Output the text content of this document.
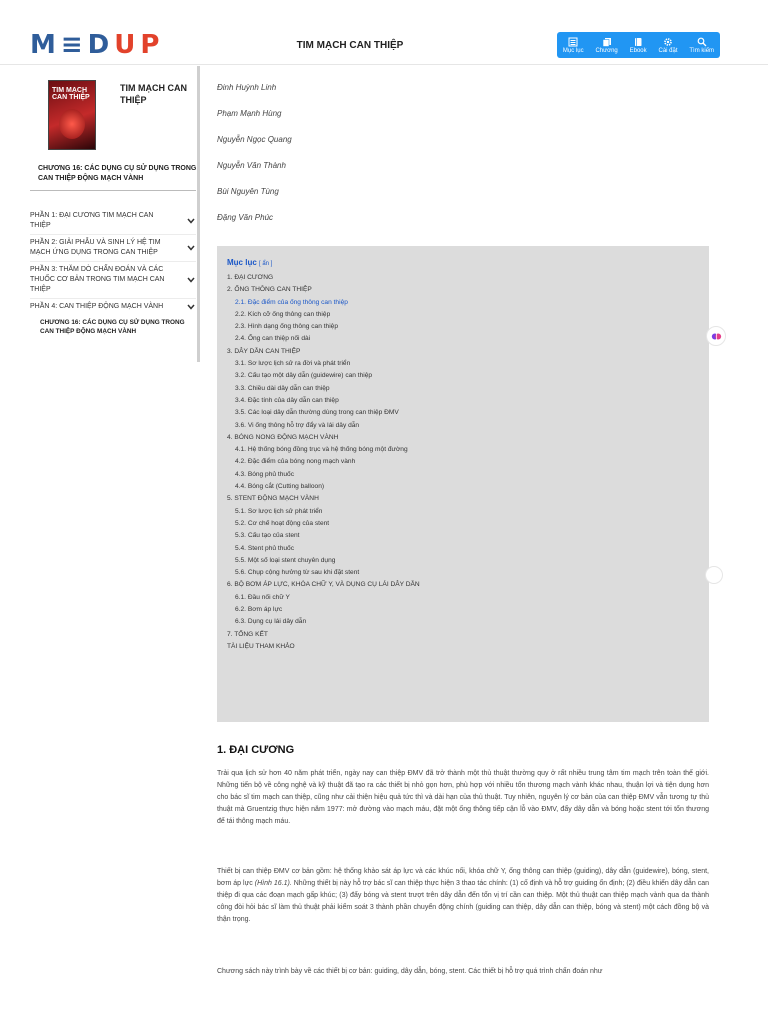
M≡DUP	TIM MẠCH CAN THIỆP	Mục lục Chương Ebook Cài đặt Tìm kiếm
TIM MẠCH CAN THIỆP
TIM MẠCH CAN THIỆP
CHƯƠNG 16: CÁC DỤNG CỤ SỬ DỤNG TRONG CAN THIỆP ĐỘNG MẠCH VÀNH
PHẦN 1: ĐẠI CƯƠNG TIM MẠCH CAN THIỆP
PHẦN 2: GIẢI PHẪU VÀ SINH LÝ HỆ TIM MẠCH ỨNG DỤNG TRONG CAN THIỆP
PHẦN 3: THĂM DÒ CHẨN ĐOÁN VÀ CÁC THUỐC CƠ BẢN TRONG TIM MẠCH CAN THIỆP
PHẦN 4: CAN THIỆP ĐỘNG MẠCH VÀNH
CHƯƠNG 16: CÁC DỤNG CỤ SỬ DỤNG TRONG CAN THIỆP ĐỘNG MẠCH VÀNH
Đinh Huỳnh Linh
Phạm Mạnh Hùng
Nguyễn Ngọc Quang
Nguyễn Văn Thành
Bùi Nguyên Tùng
Đặng Văn Phúc
Mục lục [ ẩn ]
1. ĐẠI CƯƠNG
2. ỐNG THÔNG CAN THIỆP
2.1. Đặc điểm của ống thông can thiệp
2.2. Kích cỡ ống thông can thiệp
2.3. Hình dạng ống thông can thiệp
2.4. Ống can thiệp nối dài
3. DÂY DẪN CAN THIỆP
3.1. Sơ lược lịch sử ra đời và phát triển
3.2. Cấu tạo một dây dẫn (guidewire) can thiệp
3.3. Chiều dài dây dẫn can thiệp
3.4. Đặc tính của dây dẫn can thiệp
3.5. Các loại dây dẫn thường dùng trong can thiệp ĐMV
3.6. Vi ống thông hỗ trợ đẩy và lái dây dẫn
4. BÓNG NONG ĐỘNG MẠCH VÀNH
4.1. Hệ thống bóng đồng trục và hệ thống bóng một đường
4.2. Đặc điểm của bóng nong mạch vành
4.3. Bóng phủ thuốc
4.4. Bóng cắt (Cutting balloon)
5. STENT ĐỘNG MẠCH VÀNH
5.1. Sơ lược lịch sử phát triển
5.2. Cơ chế hoạt động của stent
5.3. Cấu tạo của stent
5.4. Stent phủ thuốc
5.5. Một số loại stent chuyên dụng
5.6. Chụp cộng hưởng từ sau khi đặt stent
6. BỘ BƠM ÁP LỰC, KHÓA CHỮ Y, VÀ DỤNG CỤ LÁI DÂY DẪN
6.1. Đầu nối chữ Y
6.2. Bơm áp lực
6.3. Dụng cụ lái dây dẫn
7. TỔNG KẾT
TÀI LIỆU THAM KHẢO
1. ĐẠI CƯƠNG
Trải qua lịch sử hơn 40 năm phát triển, ngày nay can thiệp ĐMV đã trở thành một thủ thuật thường quy ở rất nhiều trung tâm tim mạch trên toàn thế giới. Những tiến bộ về công nghệ và kỹ thuật đã tạo ra các thiết bị nhỏ gọn hơn, phù hợp với nhiều tổn thương mạch vành khác nhau, thuận lợi và tiện dụng hơn cho bác sĩ tim mạch can thiệp, cũng như cải thiện hiệu quả tức thì và dài hạn của thủ thuật. Tuy nhiên, nguyên lý cơ bản của can thiệp ĐMV vẫn tương tự thủ thuật mà Gruentzig thực hiện năm 1977: mở đường vào mạch máu, đặt một ống thông tiếp cận lỗ vào ĐMV, đẩy dây dẫn và bóng hoặc stent tới tổn thương để tái thông mạch máu.
Thiết bị can thiệp ĐMV cơ bản gồm: hệ thống khảo sát áp lực và các khúc nối, khóa chữ Y, ống thông can thiệp (guiding), dây dẫn (guidewire), bóng, stent, bơm áp lực (Hình 16.1). Những thiết bị này hỗ trợ bác sĩ can thiệp thực hiện 3 thao tác chính: (1) cố định và hỗ trợ guiding ổn định; (2) điều khiển dây dẫn can thiệp đi qua các đoạn mạch gấp khúc; (3) đẩy bóng và stent trượt trên dây dẫn đến tổn vị trí cần can thiệp. Một thủ thuật can thiệp mạch vành qua da thành công đòi hỏi bác sĩ làm thủ thuật phải kiểm soát 3 thành phần chuyển động chính (guiding can thiệp, dây dẫn can thiệp, bóng và stent) một cách đồng bộ và thận trọng.
Chương sách này trình bày về các thiết bị cơ bản: guiding, dây dẫn, bóng, stent. Các thiết bị hỗ trợ quá trình chẩn đoán như
